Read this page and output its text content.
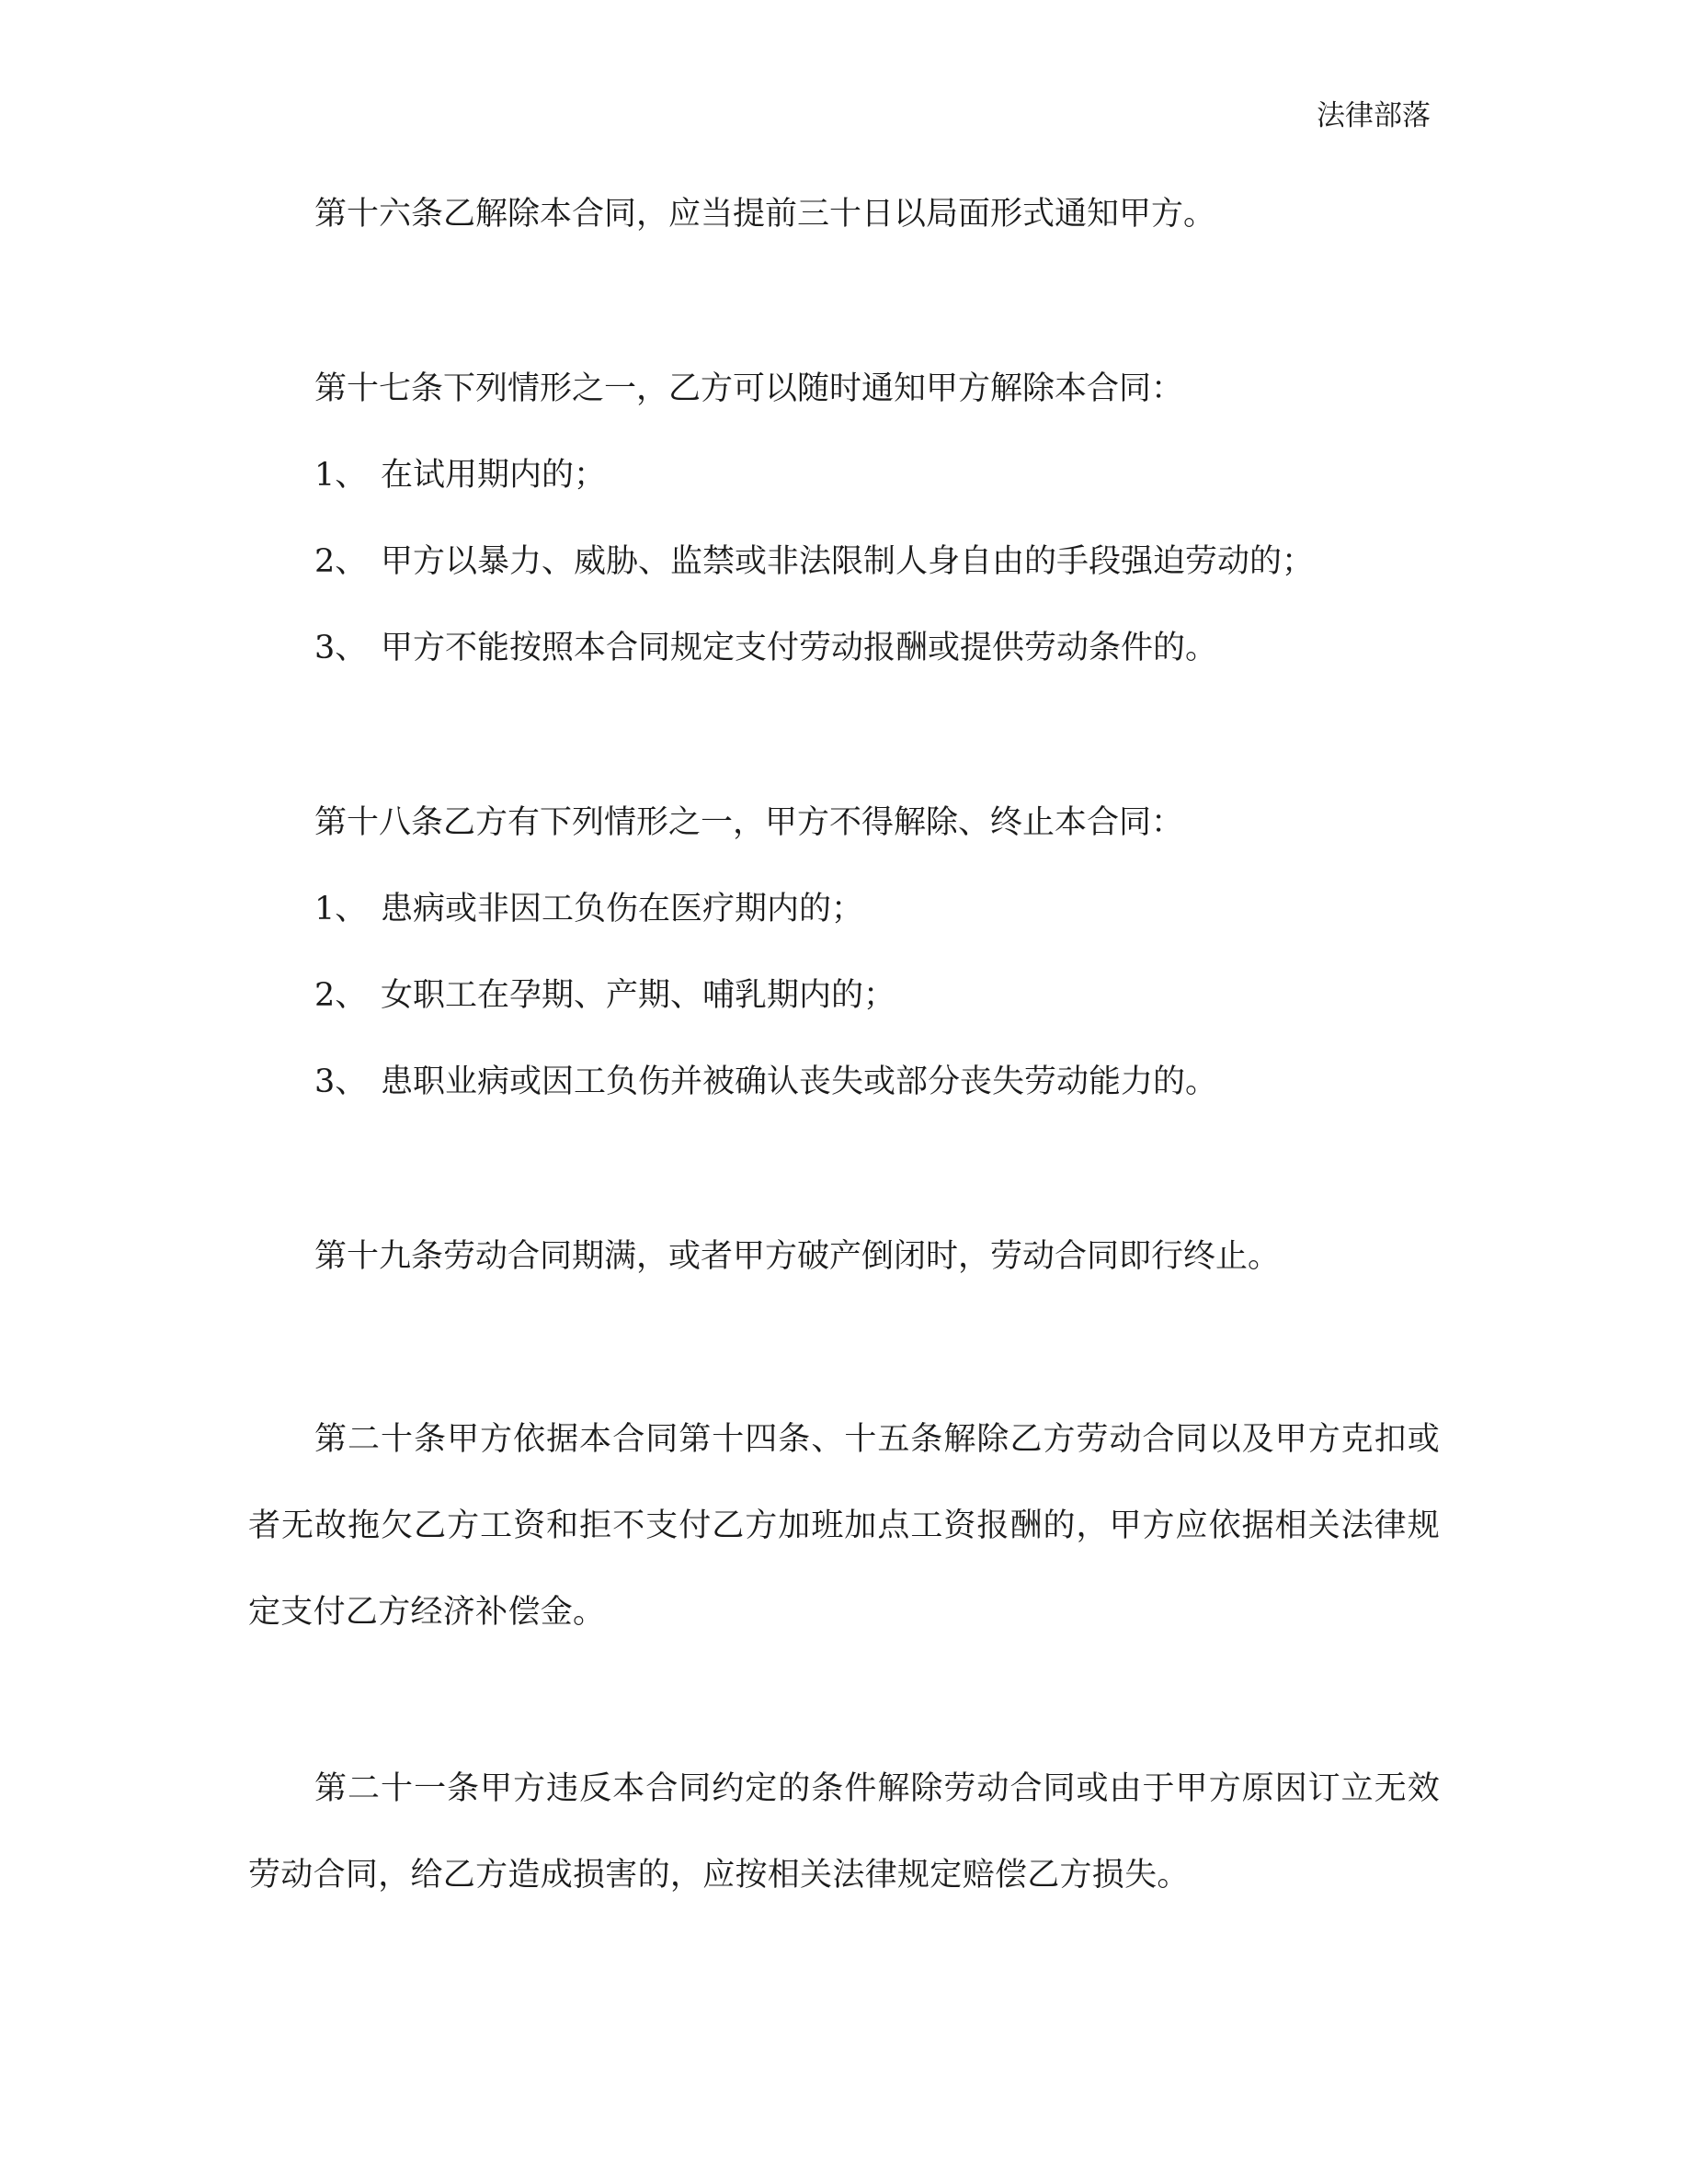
法律部落

第十六条乙解除本合同，应当提前三十日以局面形式通知甲方。

第十七条下列情形之一，乙方可以随时通知甲方解除本合同：

1、 在试用期内的；
2、 甲方以暴力、威胁、监禁或非法限制人身自由的手段强迫劳动的；
3、 甲方不能按照本合同规定支付劳动报酬或提供劳动条件的。

第十八条乙方有下列情形之一，甲方不得解除、终止本合同：

1、 患病或非因工负伤在医疗期内的；
2、 女职工在孕期、产期、哺乳期内的；
3、 患职业病或因工负伤并被确认丧失或部分丧失劳动能力的。

第十九条劳动合同期满，或者甲方破产倒闭时，劳动合同即行终止。

第二十条甲方依据本合同第十四条、十五条解除乙方劳动合同以及甲方克扣或者无故拖欠乙方工资和拒不支付乙方加班加点工资报酬的，甲方应依据相关法律规定支付乙方经济补偿金。

第二十一条甲方违反本合同约定的条件解除劳动合同或由于甲方原因订立无效劳动合同，给乙方造成损害的，应按相关法律规定赔偿乙方损失。
